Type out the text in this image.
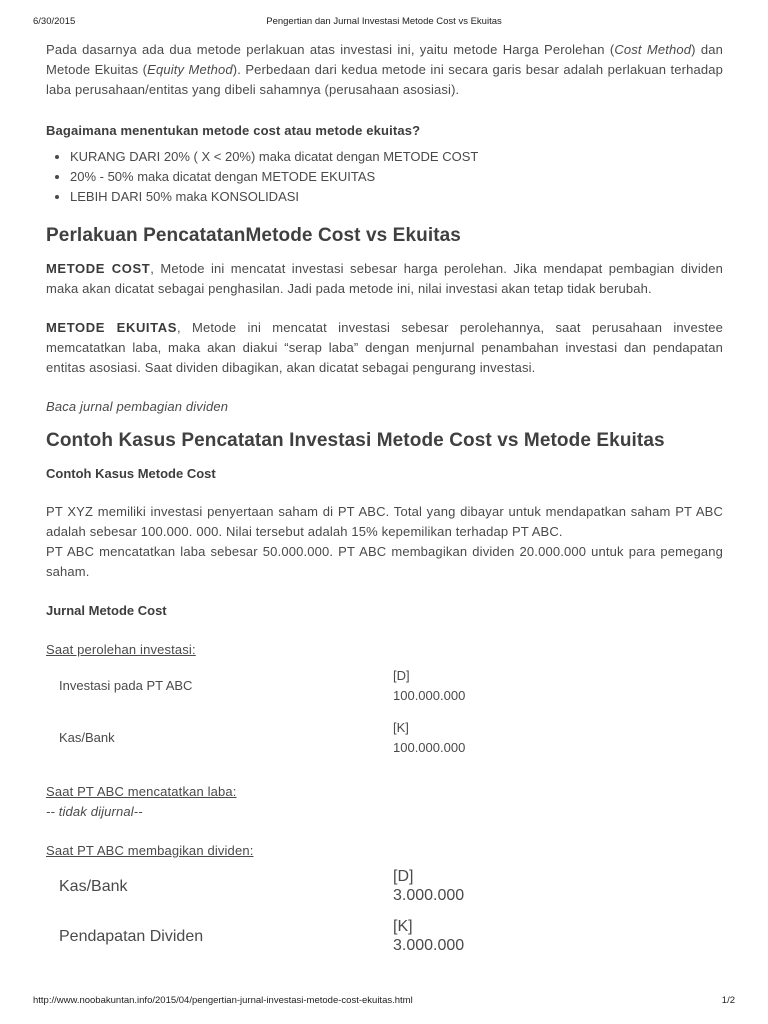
6/30/2015	Pengertian dan Jurnal Investasi Metode Cost vs Ekuitas

Pada dasarnya ada dua metode perlakuan atas investasi ini, yaitu metode Harga Perolehan (Cost Method) dan Metode Ekuitas (Equity Method). Perbedaan dari kedua metode ini secara garis besar adalah perlakuan terhadap laba perusahaan/entitas yang dibeli sahamnya (perusahaan asosiasi).

Bagaimana menentukan metode cost atau metode ekuitas?

• KURANG DARI 20% ( X < 20%) maka dicatat dengan METODE COST
• 20% - 50% maka dicatat dengan METODE EKUITAS
• LEBIH DARI 50% maka KONSOLIDASI
Perlakuan PencatatanMetode Cost vs Ekuitas

METODE COST, Metode ini mencatat investasi sebesar harga perolehan. Jika mendapat pembagian dividen maka akan dicatat sebagai penghasilan. Jadi pada metode ini, nilai investasi akan tetap tidak berubah.

METODE EKUITAS, Metode ini mencatat investasi sebesar perolehannya, saat perusahaan investee memcatatkan laba, maka akan diakui “serap laba” dengan menjurnal penambahan investasi dan pendapatan entitas asosiasi. Saat dividen dibagikan, akan dicatat sebagai pengurang investasi.

Baca jurnal pembagian dividen

Contoh Kasus Pencatatan Investasi Metode Cost vs Metode Ekuitas
Contoh Kasus Metode Cost

PT XYZ memiliki investasi penyertaan saham di PT ABC. Total yang dibayar untuk mendapatkan saham PT ABC adalah sebesar 100.000. 000. Nilai tersebut adalah 15% kepemilikan terhadap PT ABC.

PT ABC mencatatkan laba sebesar 50.000.000. PT ABC membagikan dividen 20.000.000 untuk para pemegang saham.

Jurnal Metode Cost

Saat perolehan investasi:

Investasi pada PT ABC	[D]
100.000.000

Kas/Bank	[K]
100.000.000

Saat PT ABC mencatatkan laba:

-- tidak dijurnal--

Saat PT ABC membagikan dividen:

Kas/Bank	[D]
3.000.000

Pendapatan Dividen	[K]
3.000.000
http://www.noobakuntan.info/2015/04/pengertian-jurnal-investasi-metode-cost-ekuitas.html	1/2
